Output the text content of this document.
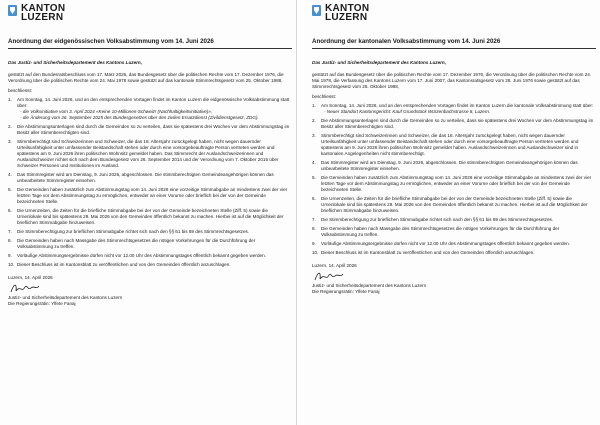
KANTON
LUZERN
Anordnung der eidgenössischen Volksabstimmung vom 14. Juni 2026

Das Justiz- und Sicherheitsdepartement des Kantons Luzern,

gestützt auf den Bundesratsbeschluss vom 17. März 2026, das Bundesgesetz über die politischen Rechte vom 17. Dezember 1976, die Verordnung über die politischen Rechte vom 24. Mai 1978 sowie gestützt auf das kantonale Stimmrechtsgesetz vom 25. Oktober 1988,

beschliesst:

1.	Am Sonntag, 14. Juni 2026, und an den entsprechenden Vortagen findet im Kanton Luzern die eidgenössische Volksabstimmung statt über:
- die Volksinitiative vom 3. April 2024 «Keine 10-Millionen-Schweiz! (Nachhaltigkeitsinitiative)»,
- die Änderung vom 26. September 2025 des Bundesgesetzes über den zivilen Ersatzdienst (Zivildienstgesetz, ZDG).
2.	Die Abstimmungsunterlagen sind durch die Gemeinden so zu verteilen, dass sie spätestens drei Wochen vor dem Abstimmungstag im Besitz aller Stimmberechtigten sind.
3.	Stimmberechtigt sind Schweizerinnen und Schweizer, die das 18. Altersjahr zurückgelegt haben, nicht wegen dauernder Urteilsunfähigkeit unter umfassender Beistandschaft stehen oder durch eine vorsorgebeauftragte Person vertreten werden und spätestens am 9. Juni 2026 ihren politischen Wohnsitz gemeldet haben. Das Stimmrecht der Auslandschweizerinnen und Auslandschweizer richtet sich nach dem Bundesgesetz vom 26. September 2014 und der Verordnung vom 7. Oktober 2015 über Schweizer Personen und Institutionen im Ausland.
4.	Das Stimmregister wird am Dienstag, 9. Juni 2026, abgeschlossen. Die stimmberechtigten Gemeindeangehörigen können das unbearbeitete Stimmregister einsehen.
5.	Die Gemeinden haben zusätzlich zum Abstimmungstag vom 14. Juni 2026 eine vorzeitige Stimmabgabe an mindestens zwei der vier letzten Tage vor dem Abstimmungstag zu ermöglichen, entweder an einer Vorurne oder brieflich bei der von der Gemeinde bezeichneten Stelle.
6.	Die Urnenzeiten, die Zeiten für die briefliche Stimmabgabe bei der von der Gemeinde bezeichneten Stelle (Ziff. 5) sowie die Urnenlokale sind bis spätestens 29. Mai 2026 von den Gemeinden öffentlich bekannt zu machen. Hierbei ist auf die Möglichkeit der brieflichen Stimmabgabe hinzuweisen.
7.	Die Stimmberechtigung zur brieflichen Stimmabgabe richtet sich nach den §§ 61 bis 69 des Stimmrechtsgesetzes.
8.	Die Gemeinden haben nach Massgabe des Stimmrechtsgesetzes die nötigen Vorkehrungen für die Durchführung der Volksabstimmung zu treffen.
9.	Vorläufige Abstimmungsergebnisse dürfen nicht vor 12.00 Uhr des Abstimmungstages öffentlich bekannt gegeben werden.
10. Dieser Beschluss ist im Kantonsblatt zu veröffentlichen und von den Gemeinden öffentlich anzuschlagen.
Luzern, 14. April 2026
Justiz- und Sicherheitsdepartement des Kantons Luzern
Die Regierungsrätin: Ylfete Fanaj
KANTON
LUZERN
Anordnung der kantonalen Volksabstimmung vom 14. Juni 2026

Das Justiz- und Sicherheitsdepartement des Kantons Luzern,

gestützt auf das Bundesgesetz über die politischen Rechte vom 17. Dezember 1976, die Verordnung über die politischen Rechte vom 24. Mai 1978, die Verfassung des Kantons Luzern vom 17. Juni 2007, das Kantonsratsgesetz vom 28. Juni 1976 sowie gestützt auf das Stimmrechtsgesetz vom 25. Oktober 1988,

beschliesst:

1.	Am Sonntag, 14. Juni 2026, und an den entsprechenden Vortagen findet im Kanton Luzern die kantonale Volksabstimmung statt über:
- Neuer Standort Kantonsgericht: Kauf Grundstück Würzenbachstrasse 8, Luzern.
2.	Die Abstimmungsunterlagen sind durch die Gemeinden so zu verteilen, dass sie spätestens drei Wochen vor dem Abstimmungstag im Besitz aller Stimmberechtigten sind.
3.	Stimmberechtigt sind Schweizerinnen und Schweizer, die das 18. Altersjahr zurückgelegt haben, nicht wegen dauernder Urteilsunfähigkeit unter umfassender Beistandschaft stehen oder durch eine vorsorgebeauftragte Person vertreten werden und spätestens am 9. Juni 2026 ihren politischen Wohnsitz gemeldet haben. Auslandschweizerinnen und Auslandschweizer sind in kantonalen Angelegenheiten nicht stimmberechtigt.
4.	Das Stimmregister wird am Dienstag, 9. Juni 2026, abgeschlossen. Die stimmberechtigten Gemeindeangehörigen können das unbearbeitete Stimmregister einsehen.
5.	Die Gemeinden haben zusätzlich zum Abstimmungstag vom 14. Juni 2026 eine vorzeitige Stimmabgabe an mindestens zwei der vier letzten Tage vor dem Abstimmungstag zu ermöglichen, entweder an einer Vorurne oder brieflich bei der von der Gemeinde bezeichneten Stelle.
6.	Die Urnenzeiten, die Zeiten für die briefliche Stimmabgabe bei der von der Gemeinde bezeichneten Stelle (Ziff. 5) sowie die Urnenlokale sind bis spätestens 29. Mai 2026 von den Gemeinden öffentlich bekannt zu machen. Hierbei ist auf die Möglichkeit der brieflichen Stimmabgabe hinzuweisen.
7.	Die Stimmberechtigung zur brieflichen Stimmabgabe richtet sich nach den §§ 61 bis 69 des Stimmrechtsgesetzes.
8.	Die Gemeinden haben nach Massgabe des Stimmrechtsgesetzes die nötigen Vorkehrungen für die Durchführung der Volksabstimmung zu treffen.
9.	Vorläufige Abstimmungsergebnisse dürfen nicht vor 12.00 Uhr des Abstimmungstages öffentlich bekannt gegeben werden.
10. Dieser Beschluss ist im Kantonsblatt zu veröffentlichen und von den Gemeinden öffentlich anzuschlagen.
Luzern, 14. April 2026
Justiz- und Sicherheitsdepartement des Kantons Luzern
Die Regierungsrätin: Ylfete Fanaj
